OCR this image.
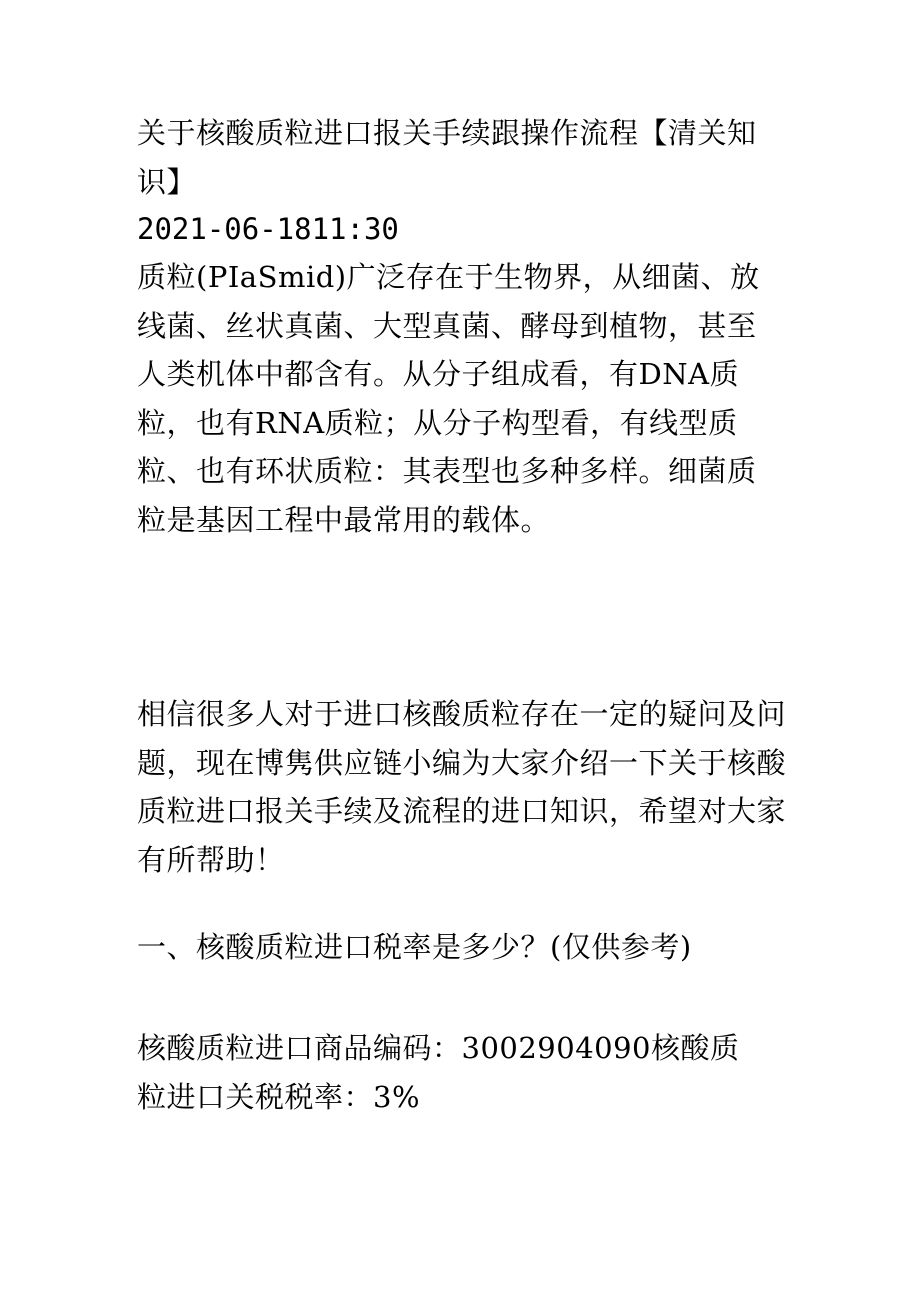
关于核酸质粒进口报关手续跟操作流程【清关知识】

2021-06-1811:30

质粒(PIaSmid)广泛存在于生物界，从细菌、放线菌、丝状真菌、大型真菌、酵母到植物，甚至人类机体中都含有。从分子组成看，有DNA质粒，也有RNA质粒；从分子构型看，有线型质粒、也有环状质粒：其表型也多种多样。细菌质粒是基因工程中最常用的载体。

相信很多人对于进口核酸质粒存在一定的疑问及问题，现在博隽供应链小编为大家介绍一下关于核酸质粒进口报关手续及流程的进口知识，希望对大家有所帮助！

一、核酸质粒进口税率是多少？(仅供参考)

核酸质粒进口商品编码：3002904090核酸质粒进口关税税率：3%
